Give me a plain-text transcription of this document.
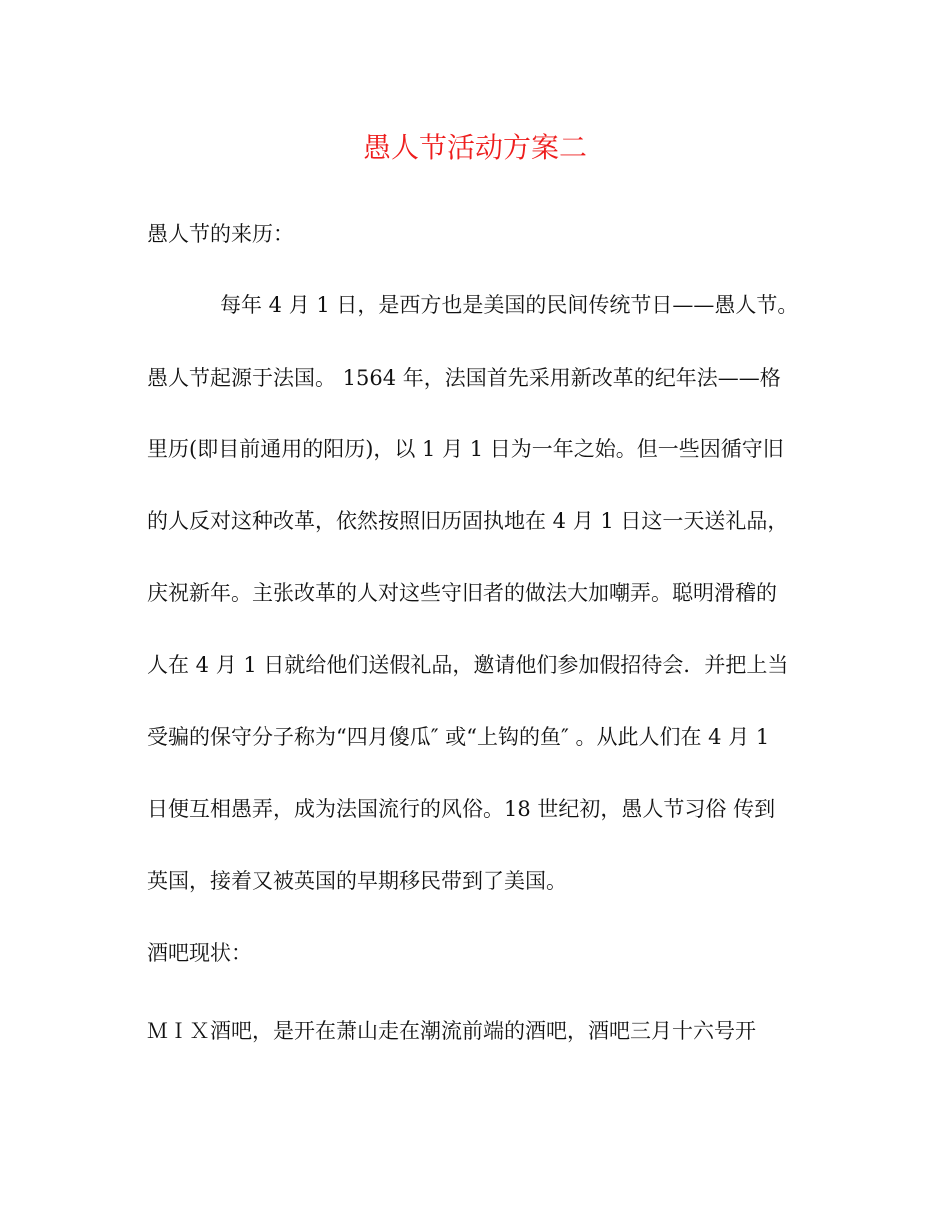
愚人节活动方案二
愚人节的来历：
每年 4 月 1 日，是西方也是美国的民间传统节日——愚人节。
愚人节起源于法国。 1564 年，法国首先采用新改革的纪年法——格
里历(即目前通用的阳历)，以 1 月 1 日为一年之始。但一些因循守旧
的人反对这种改革，依然按照旧历固执地在 4 月 1 日这一天送礼品，
庆祝新年。主张改革的人对这些守旧者的做法大加嘲弄。聪明滑稽的
人在 4 月 1 日就给他们送假礼品，邀请他们参加假招待会．并把上当
受骗的保守分子称为“四月傻瓜″ 或“上钩的鱼″ 。从此人们在 4 月 1
日便互相愚弄，成为法国流行的风俗。18 世纪初，愚人节习俗 传到
英国，接着又被英国的早期移民带到了美国。
酒吧现状：
ＭＩＸ酒吧，是开在萧山走在潮流前端的酒吧，酒吧三月十六号开
